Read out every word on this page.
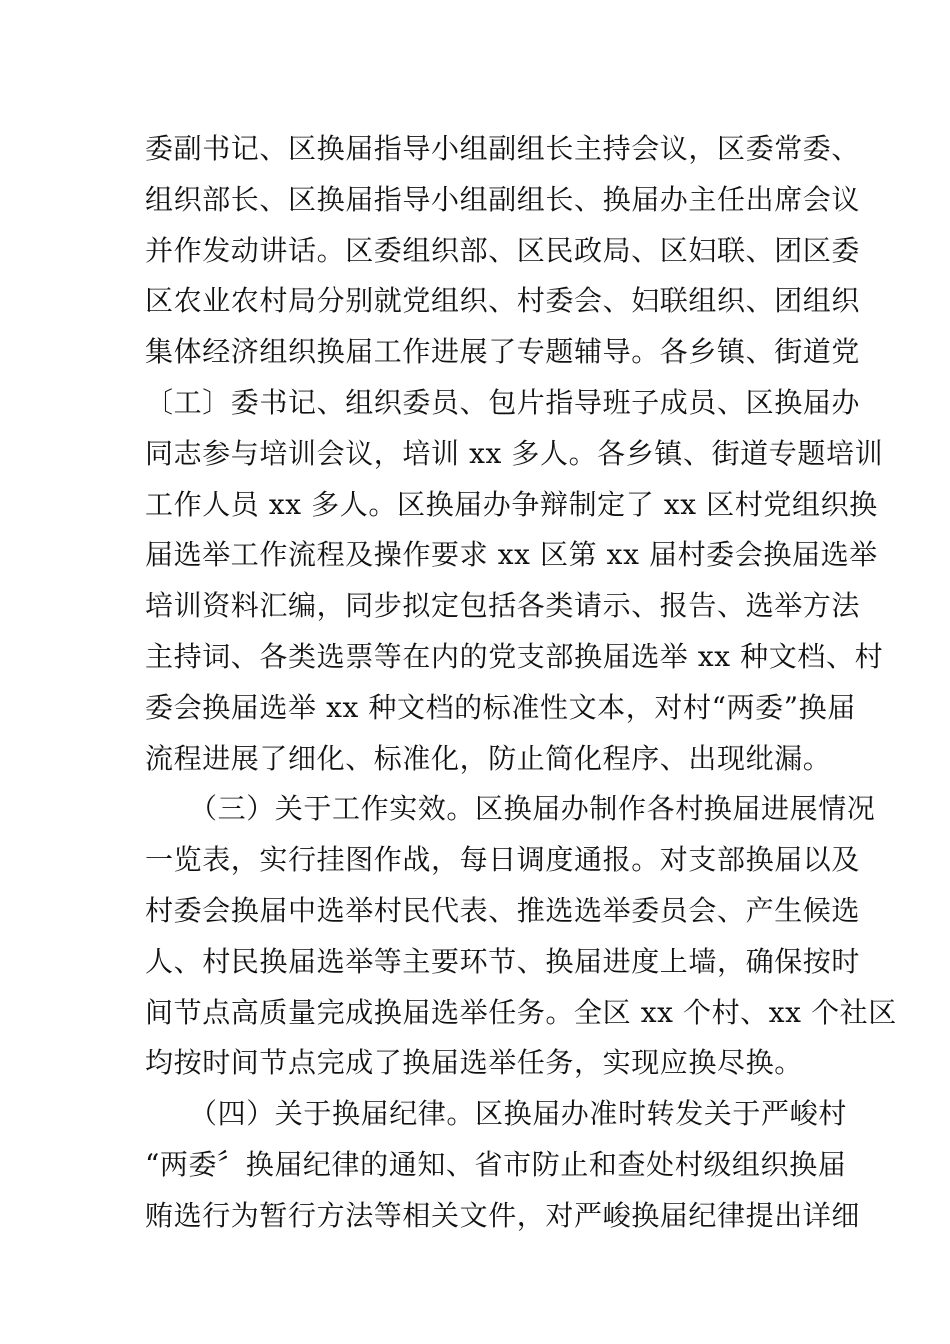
委副书记、区换届指导小组副组长主持会议，区委常委、
组织部长、区换届指导小组副组长、换届办主任出席会议
并作发动讲话。区委组织部、区民政局、区妇联、团区委
区农业农村局分别就党组织、村委会、妇联组织、团组织
集体经济组织换届工作进展了专题辅导。各乡镇、街道党
〔工〕委书记、组织委员、包片指导班子成员、区换届办
同志参与培训会议，培训 xx 多人。各乡镇、街道专题培训
工作人员 xx 多人。区换届办争辩制定了 xx 区村党组织换
届选举工作流程及操作要求 xx 区第 xx 届村委会换届选举
培训资料汇编，同步拟定包括各类请示、报告、选举方法
主持词、各类选票等在内的党支部换届选举 xx 种文档、村
委会换届选举 xx 种文档的标准性文本，对村“两委”换届
流程进展了细化、标准化，防止简化程序、出现纰漏。
（三）关于工作实效。区换届办制作各村换届进展情况
一览表，实行挂图作战，每日调度通报。对支部换届以及
村委会换届中选举村民代表、推选选举委员会、产生候选
人、村民换届选举等主要环节、换届进度上墙，确保按时
间节点高质量完成换届选举任务。全区 xx 个村、xx 个社区
均按时间节点完成了换届选举任务，实现应换尽换。
（四）关于换届纪律。区换届办准时转发关于严峻村
“两委〞换届纪律的通知、省市防止和查处村级组织换届
贿选行为暂行方法等相关文件，对严峻换届纪律提出详细
